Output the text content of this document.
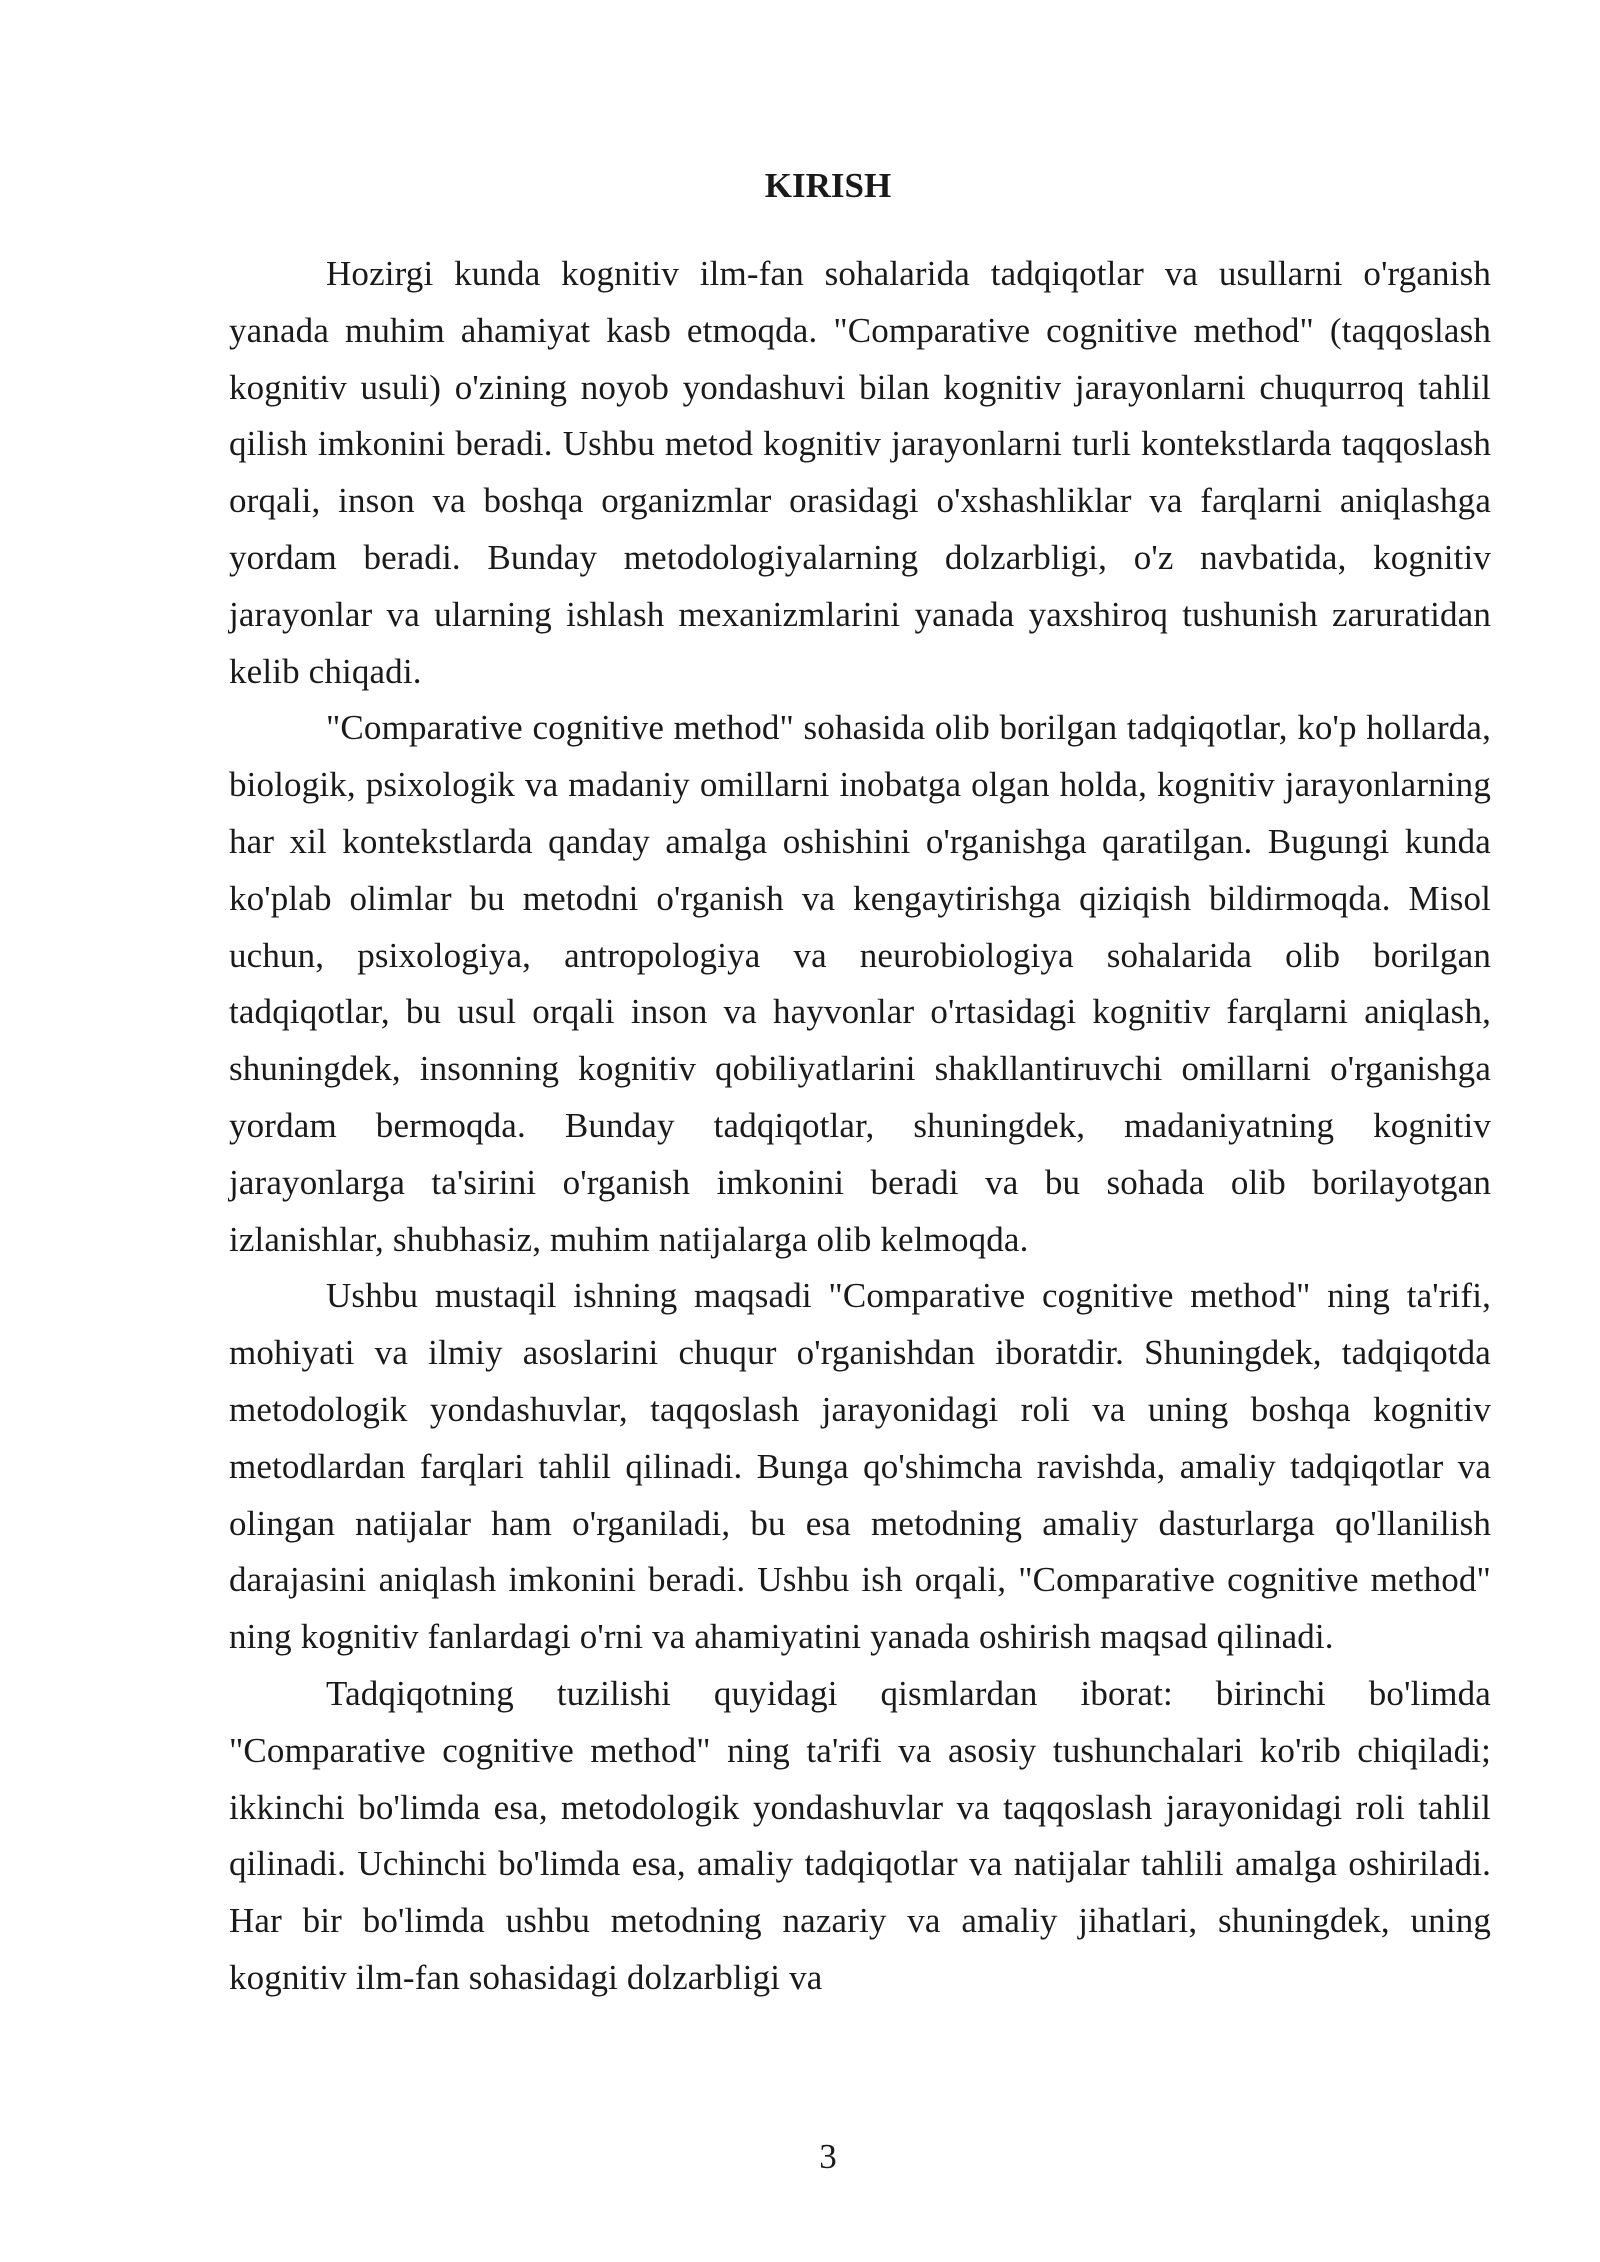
KIRISH

Hozirgi kunda kognitiv ilm-fan sohalarida tadqiqotlar va usullarni o'rganish yanada muhim ahamiyat kasb etmoqda. "Comparative cognitive method" (taqqoslash kognitiv usuli) o'zining noyob yondashuvi bilan kognitiv jarayonlarni chuqurroq tahlil qilish imkonini beradi. Ushbu metod kognitiv jarayonlarni turli kontekstlarda taqqoslash orqali, inson va boshqa organizmlar orasidagi o'xshashliklar va farqlarni aniqlashga yordam beradi. Bunday metodologiyalarning dolzarbligi, o'z navbatida, kognitiv jarayonlar va ularning ishlash mexanizmlarini yanada yaxshiroq tushunish zaruratidan kelib chiqadi.

"Comparative cognitive method" sohasida olib borilgan tadqiqotlar, ko'p hollarda, biologik, psixologik va madaniy omillarni inobatga olgan holda, kognitiv jarayonlarning har xil kontekstlarda qanday amalga oshishini o'rganishga qaratilgan. Bugungi kunda ko'plab olimlar bu metodni o'rganish va kengaytirishga qiziqish bildirmoqda. Misol uchun, psixologiya, antropologiya va neurobiologiya sohalarida olib borilgan tadqiqotlar, bu usul orqali inson va hayvonlar o'rtasidagi kognitiv farqlarni aniqlash, shuningdek, insonning kognitiv qobiliyatlarini shakllantiruvchi omillarni o'rganishga yordam bermoqda. Bunday tadqiqotlar, shuningdek, madaniyatning kognitiv jarayonlarga ta'sirini o'rganish imkonini beradi va bu sohada olib borilayotgan izlanishlar, shubhasiz, muhim natijalarga olib kelmoqda.

Ushbu mustaqil ishning maqsadi "Comparative cognitive method" ning ta'rifi, mohiyati va ilmiy asoslarini chuqur o'rganishdan iboratdir. Shuningdek, tadqiqotda metodologik yondashuvlar, taqqoslash jarayonidagi roli va uning boshqa kognitiv metodlardan farqlari tahlil qilinadi. Bunga qo'shimcha ravishda, amaliy tadqiqotlar va olingan natijalar ham o'rganiladi, bu esa metodning amaliy dasturlarga qo'llanilish darajasini aniqlash imkonini beradi. Ushbu ish orqali, "Comparative cognitive method" ning kognitiv fanlardagi o'rni va ahamiyatini yanada oshirish maqsad qilinadi.

Tadqiqotning tuzilishi quyidagi qismlardan iborat: birinchi bo'limda "Comparative cognitive method" ning ta'rifi va asosiy tushunchalari ko'rib chiqiladi; ikkinchi bo'limda esa, metodologik yondashuvlar va taqqoslash jarayonidagi roli tahlil qilinadi. Uchinchi bo'limda esa, amaliy tadqiqotlar va natijalar tahlili amalga oshiriladi. Har bir bo'limda ushbu metodning nazariy va amaliy jihatlari, shuningdek, uning kognitiv ilm-fan sohasidagi dolzarbligi va

3
